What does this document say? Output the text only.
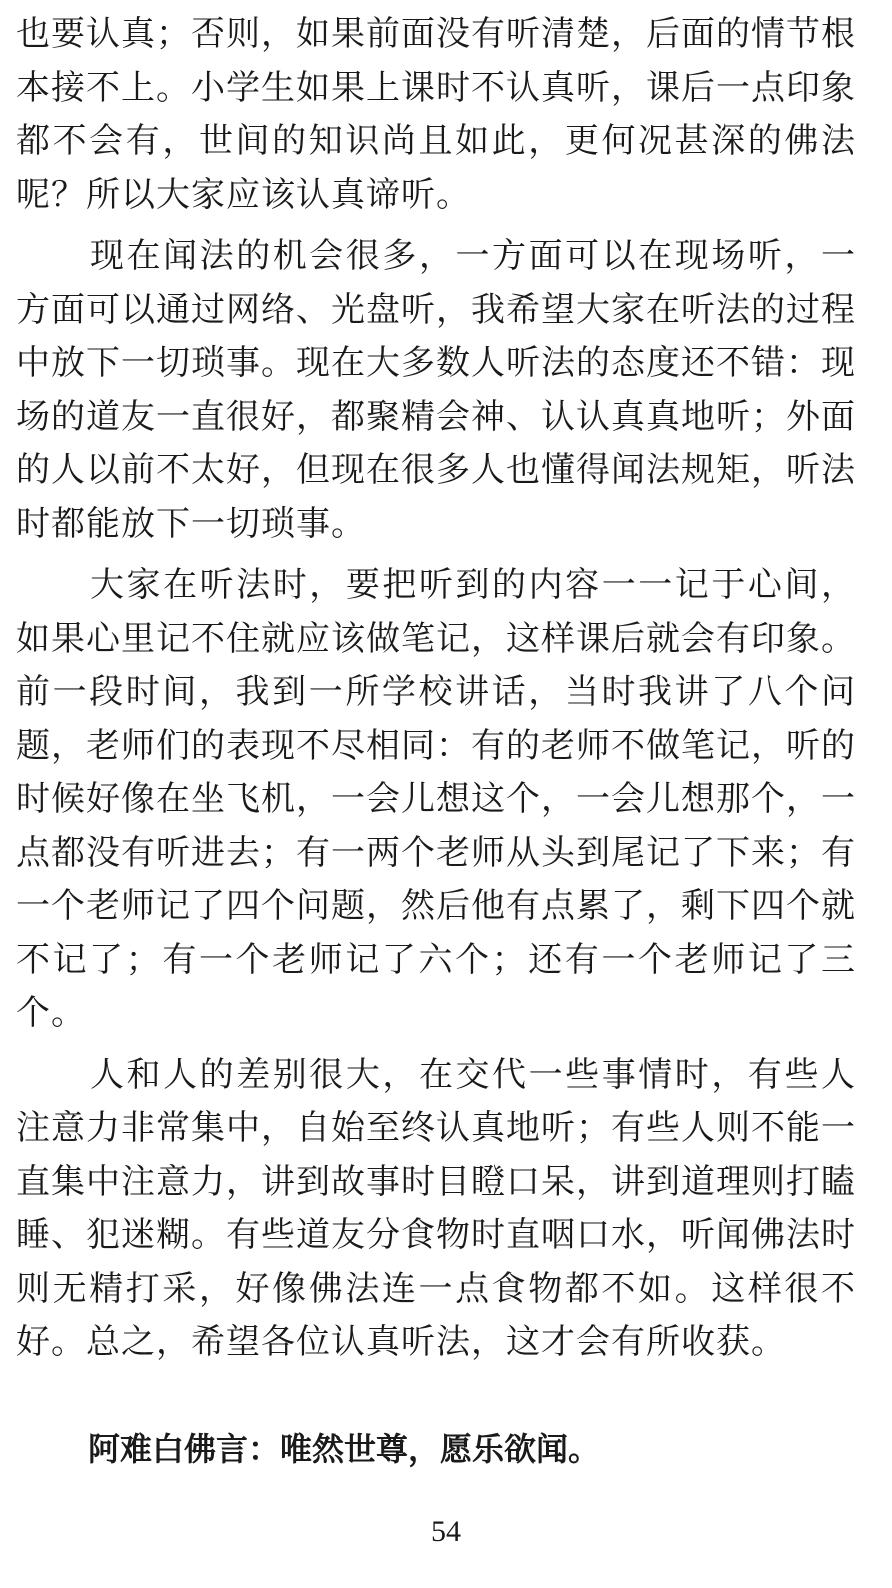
也要认真；否则，如果前面没有听清楚，后面的情节根本接不上。小学生如果上课时不认真听，课后一点印象都不会有，世间的知识尚且如此，更何况甚深的佛法呢？所以大家应该认真谛听。

现在闻法的机会很多，一方面可以在现场听，一方面可以通过网络、光盘听，我希望大家在听法的过程中放下一切琐事。现在大多数人听法的态度还不错：现场的道友一直很好，都聚精会神、认认真真地听；外面的人以前不太好，但现在很多人也懂得闻法规矩，听法时都能放下一切琐事。

大家在听法时，要把听到的内容一一记于心间，如果心里记不住就应该做笔记，这样课后就会有印象。前一段时间，我到一所学校讲话，当时我讲了八个问题，老师们的表现不尽相同：有的老师不做笔记，听的时候好像在坐飞机，一会儿想这个，一会儿想那个，一点都没有听进去；有一两个老师从头到尾记了下来；有一个老师记了四个问题，然后他有点累了，剩下四个就不记了；有一个老师记了六个；还有一个老师记了三个。

人和人的差别很大，在交代一些事情时，有些人注意力非常集中，自始至终认真地听；有些人则不能一直集中注意力，讲到故事时目瞪口呆，讲到道理则打瞌睡、犯迷糊。有些道友分食物时直咽口水，听闻佛法时则无精打采，好像佛法连一点食物都不如。这样很不好。总之，希望各位认真听法，这才会有所收获。

阿难白佛言：唯然世尊，愿乐欲闻。

54
